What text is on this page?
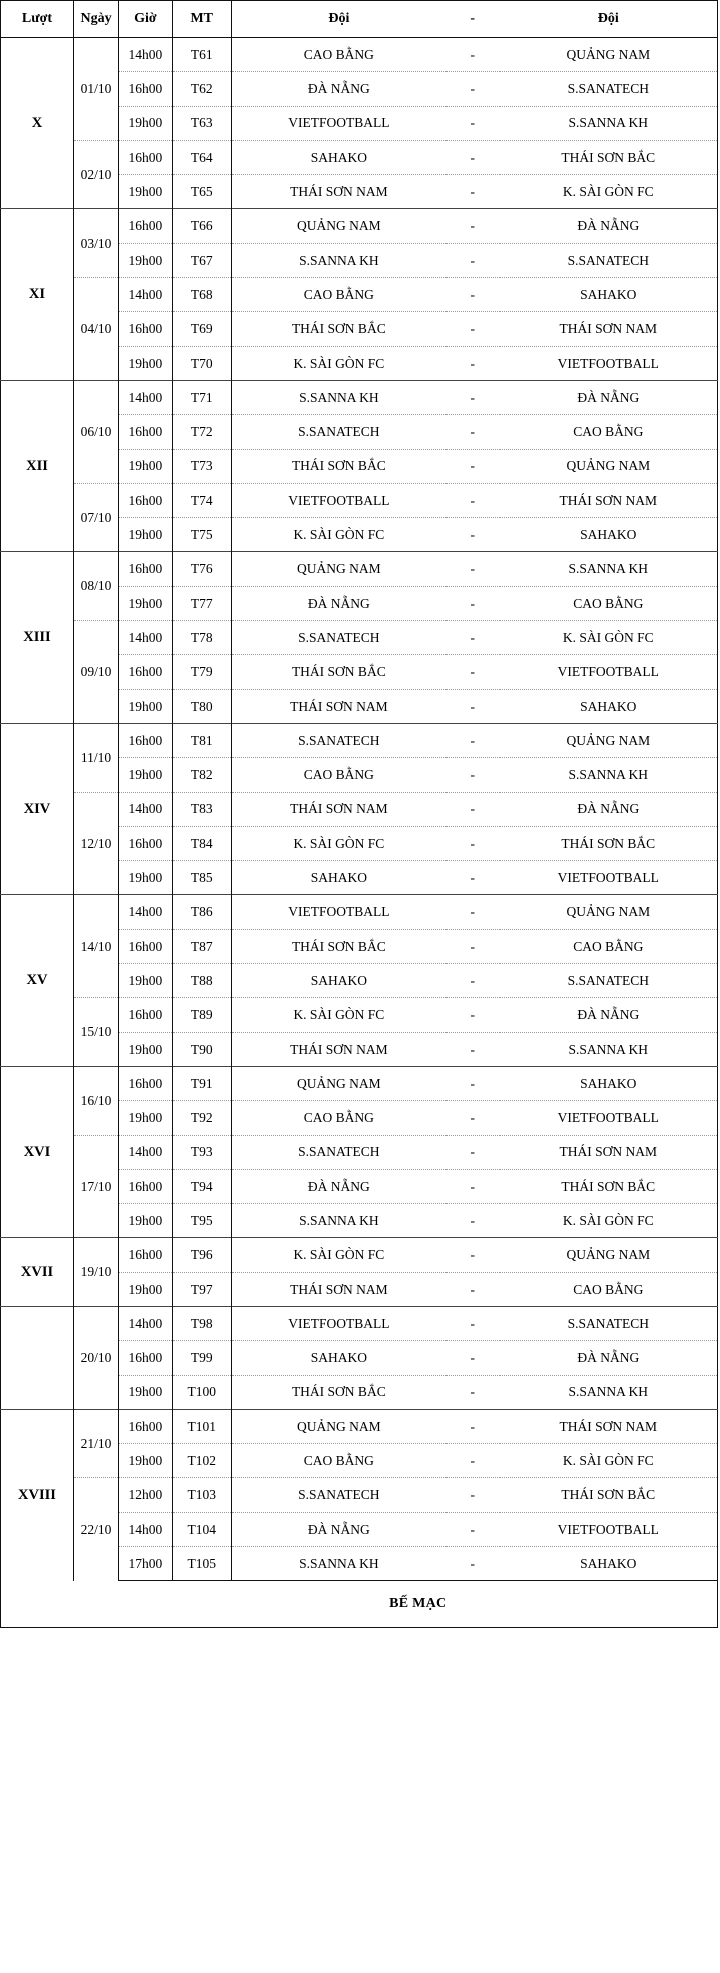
Lượt	Ngày	Giờ	MT	Đội	-	Đội
X	01/10	14h00	T61	CAO BẰNG	-	QUẢNG NAM
		16h00	T62	ĐÀ NẴNG	-	S.SANATECH
		19h00	T63	VIETFOOTBALL	-	S.SANNA KH
	02/10	16h00	T64	SAHAKO	-	THÁI SƠN BẮC
		19h00	T65	THÁI SƠN NAM	-	K. SÀI GÒN FC
XI	03/10	16h00	T66	QUẢNG NAM	-	ĐÀ NẴNG
		19h00	T67	S.SANNA KH	-	S.SANATECH
	04/10	14h00	T68	CAO BẰNG	-	SAHAKO
		16h00	T69	THÁI SƠN BẮC	-	THÁI SƠN NAM
		19h00	T70	K. SÀI GÒN FC	-	VIETFOOTBALL
XII	06/10	14h00	T71	S.SANNA KH	-	ĐÀ NẴNG
		16h00	T72	S.SANATECH	-	CAO BẰNG
		19h00	T73	THÁI SƠN BẮC	-	QUẢNG NAM
	07/10	16h00	T74	VIETFOOTBALL	-	THÁI SƠN NAM
		19h00	T75	K. SÀI GÒN FC	-	SAHAKO
XIII	08/10	16h00	T76	QUẢNG NAM	-	S.SANNA KH
		19h00	T77	ĐÀ NẴNG	-	CAO BẰNG
	09/10	14h00	T78	S.SANATECH	-	K. SÀI GÒN FC
		16h00	T79	THÁI SƠN BẮC	-	VIETFOOTBALL
		19h00	T80	THÁI SƠN NAM	-	SAHAKO
XIV	11/10	16h00	T81	S.SANATECH	-	QUẢNG NAM
		19h00	T82	CAO BẰNG	-	S.SANNA KH
	12/10	14h00	T83	THÁI SƠN NAM	-	ĐÀ NẴNG
		16h00	T84	K. SÀI GÒN FC	-	THÁI SƠN BẮC
		19h00	T85	SAHAKO	-	VIETFOOTBALL
XV	14/10	14h00	T86	VIETFOOTBALL	-	QUẢNG NAM
		16h00	T87	THÁI SƠN BẮC	-	CAO BẰNG
		19h00	T88	SAHAKO	-	S.SANATECH
	15/10	16h00	T89	K. SÀI GÒN FC	-	ĐÀ NẴNG
		19h00	T90	THÁI SƠN NAM	-	S.SANNA KH
XVI	16/10	16h00	T91	QUẢNG NAM	-	SAHAKO
		19h00	T92	CAO BẰNG	-	VIETFOOTBALL
	17/10	14h00	T93	S.SANATECH	-	THÁI SƠN NAM
		16h00	T94	ĐÀ NẴNG	-	THÁI SƠN BẮC
		19h00	T95	S.SANNA KH	-	K. SÀI GÒN FC
XVII	19/10	16h00	T96	K. SÀI GÒN FC	-	QUẢNG NAM
		19h00	T97	THÁI SƠN NAM	-	CAO BẰNG
	20/10	14h00	T98	VIETFOOTBALL	-	S.SANATECH
		16h00	T99	SAHAKO	-	ĐÀ NẴNG
		19h00	T100	THÁI SƠN BẮC	-	S.SANNA KH
XVIII	21/10	16h00	T101	QUẢNG NAM	-	THÁI SƠN NAM
		19h00	T102	CAO BẰNG	-	K. SÀI GÒN FC
	22/10	12h00	T103	S.SANATECH	-	THÁI SƠN BẮC
		14h00	T104	ĐÀ NẴNG	-	VIETFOOTBALL
		17h00	T105	S.SANNA KH	-	SAHAKO
		BẾ MẠC				
